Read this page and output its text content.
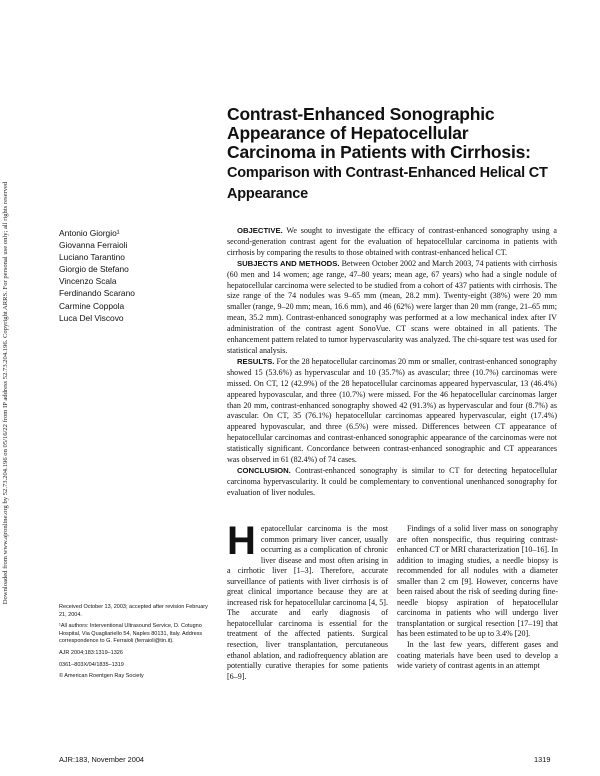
Downloaded from www.ajronline.org by 52.73.204.196 on 05/16/22 from IP address 52.73.204.196. Copyright ARRS. For personal use only; all rights reserved
Contrast-Enhanced Sonographic Appearance of Hepatocellular Carcinoma in Patients with Cirrhosis: Comparison with Contrast-Enhanced Helical CT Appearance
Antonio Giorgio¹
Giovanna Ferraioli
Luciano Tarantino
Giorgio de Stefano
Vincenzo Scala
Ferdinando Scarano
Carmine Coppola
Luca Del Viscovo

OBJECTIVE. We sought to investigate the efficacy of contrast-enhanced sonography using a second-generation contrast agent for the evaluation of hepatocellular carcinoma in patients with cirrhosis by comparing the results to those obtained with contrast-enhanced helical CT.

SUBJECTS AND METHODS. Between October 2002 and March 2003, 74 patients with cirrhosis (60 men and 14 women; age range, 47–80 years; mean age, 67 years) who had a single nodule of hepatocellular carcinoma were selected to be studied from a cohort of 437 patients with cirrhosis. The size range of the 74 nodules was 9–65 mm (mean, 28.2 mm). Twenty-eight (38%) were 20 mm smaller (range, 9–20 mm; mean, 16.6 mm), and 46 (62%) were larger than 20 mm (range, 21–65 mm; mean, 35.2 mm). Contrast-enhanced sonography was performed at a low mechanical index after IV administration of the contrast agent SonoVue. CT scans were obtained in all patients. The enhancement pattern related to tumor hypervascularity was analyzed. The chi-square test was used for statistical analysis.

RESULTS. For the 28 hepatocellular carcinomas 20 mm or smaller, contrast-enhanced sonography showed 15 (53.6%) as hypervascular and 10 (35.7%) as avascular; three (10.7%) carcinomas were missed. On CT, 12 (42.9%) of the 28 hepatocellular carcinomas appeared hypervascular, 13 (46.4%) appeared hypovascular, and three (10.7%) were missed. For the 46 hepatocellular carcinomas larger than 20 mm, contrast-enhanced sonography showed 42 (91.3%) as hypervascular and four (8.7%) as avascular. On CT, 35 (76.1%) hepatocellular carcinomas appeared hypervascular, eight (17.4%) appeared hypovascular, and three (6.5%) were missed. Differences between CT appearance of hepatocellular carcinomas and contrast-enhanced sonographic appearance of the carcinomas were not statistically significant. Concordance between contrast-enhanced sonographic and CT appearances was observed in 61 (82.4%) of 74 cases.

CONCLUSION. Contrast-enhanced sonography is similar to CT for detecting hepatocellular carcinoma hypervascularity. It could be complementary to conventional unenhanced sonography for evaluation of liver nodules.

Received October 13, 2003; accepted after revision February 21, 2004.

¹All authors: Interventional Ultrasound Service, D. Cotugno Hospital, Via Quagliariello 54, Naples 80131, Italy. Address correspondence to G. Ferraioli (ferraioli@tin.it).

AJR 2004;183:1319–1326

0361–803X/04/1835–1319

© American Roentgen Ray Society

Hepatocellular carcinoma is the most common primary liver cancer, usually occurring as a complication of chronic liver disease and most often arising in a cirrhotic liver [1–3]. Therefore, accurate surveillance of patients with liver cirrhosis is of great clinical importance because they are at increased risk for hepatocellular carcinoma [4, 5]. The accurate and early diagnosis of hepatocellular carcinoma is essential for the treatment of the affected patients. Surgical resection, liver transplantation, percutaneous ethanol ablation, and radiofrequency ablation are potentially curative therapies for some patients [6–9].

Findings of a solid liver mass on sonography are often nonspecific, thus requiring contrast-enhanced CT or MRI characterization [10–16]. In addition to imaging studies, a needle biopsy is recommended for all nodules with a diameter smaller than 2 cm [9]. However, concerns have been raised about the risk of seeding during fine-needle biopsy aspiration of hepatocellular carcinoma in patients who will undergo liver transplantation or surgical resection [17–19] that has been estimated to be up to 3.4% [20].

In the last few years, different gases and coating materials have been used to develop a wide variety of contrast agents in an attempt

AJR:183, November 2004	1319
